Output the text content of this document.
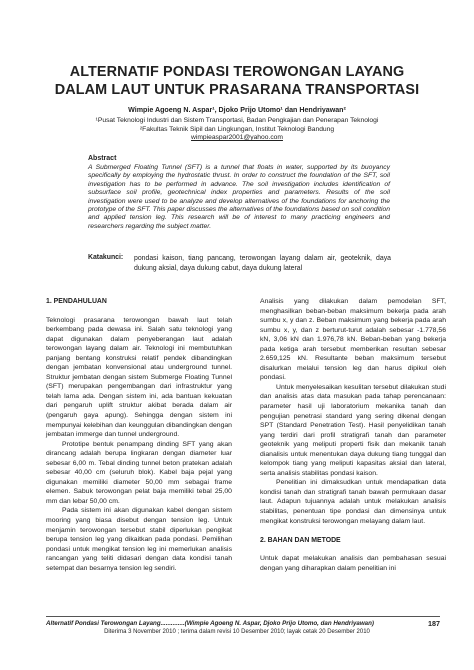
ALTERNATIF PONDASI TEROWONGAN LAYANG
DALAM LAUT UNTUK PRASARANA TRANSPORTASI
Wimpie Agoeng N. Aspar¹, Djoko Prijo Utomo¹ dan Hendriyawan²
¹Pusat Teknologi Industri dan Sistem Transportasi, Badan Pengkajian dan Penerapan Teknologi
²Fakultas Teknik Sipil dan Lingkungan, Institut Teknologi Bandung
wimpieaspar2001@yahoo.com
Abstract

A Submerged Floating Tunnel (SFT) is a tunnel that floats in water, supported by its buoyancy specifically by employing the hydrostatic thrust. In order to construct the foundation of the SFT, soil investigation has to be performed in advance. The soil investigation includes identification of subsurface soil profile, geotechnical index properties and parameters. Results of the soil investigation were used to be analyze and develop alternatives of the foundations for anchoring the prototype of the SFT. This paper discusses the alternatives of the foundations based on soil condition and applied tension leg. This research will be of interest to many practicing engineers and researchers regarding the subject matter.

Katakunci: pondasi kaison, tiang pancang, terowongan layang dalam air, geoteknik, daya dukung aksial, daya dukung cabut, daya dukung lateral

1. PENDAHULUAN

Teknologi prasarana terowongan bawah laut telah berkembang pada dewasa ini. Salah satu teknologi yang dapat digunakan dalam penyeberangan laut adalah terowongan layang dalam air. Teknologi ini membutuhkan panjang bentang konstruksi relatif pendek dibandingkan dengan jembatan konvensional atau underground tunnel. Struktur jembatan dengan sistem Submerge Floating Tunnel (SFT) merupakan pengembangan dari infrastruktur yang telah lama ada. Dengan sistem ini, ada bantuan kekuatan dari pengaruh uplift struktur akibat berada dalam air (pengaruh gaya apung). Sehingga dengan sistem ini mempunyai kelebihan dan keunggulan dibandingkan dengan jembatan immerge dan tunnel underground.

Prototipe bentuk penampang dinding SFT yang akan dirancang adalah berupa lingkaran dengan diameter luar sebesar 6,00 m. Tebal dinding tunnel beton pratekan adalah sebesar 40,00 cm (seluruh blok). Kabel baja pejal yang digunakan memiliki diameter 50,00 mm sebagai frame elemen. Sabuk terowongan pelat baja memiliki tebal 25,00 mm dan lebar 50,00 cm.

Pada sistem ini akan digunakan kabel dengan sistem mooring yang biasa disebut dengan tension leg. Untuk menjamin terowongan tersebut stabil diperlukan pengikat berupa tension leg yang dikaitkan pada pondasi. Pemilihan pondasi untuk mengikat tension leg ini memerlukan analisis rancangan yang teliti didasari dengan data kondisi tanah setempat dan besarnya tension leg sendiri.

Analisis yang dilakukan dalam pemodelan SFT, menghasilkan beban-beban maksimum bekerja pada arah sumbu x, y dan z. Beban maksimum yang bekerja pada arah sumbu x, y, dan z berturut-turut adalah sebesar -1.778,56 kN, 3,06 kN dan 1.976,78 kN. Beban-beban yang bekerja pada ketiga arah tersebut memberikan resultan sebesar 2.659,125 kN. Resultante beban maksimum tersebut disalurkan melalui tension leg dan harus dipikul oleh pondasi.

Untuk menyelesaikan kesulitan tersebut dilakukan studi dan analisis atas data masukan pada tahap perencanaan: parameter hasil uji laboratorium mekanika tanah dan pengujian penetrasi standard yang sering dikenal dengan SPT (Standard Penetration Test). Hasil penyelidikan tanah yang terdiri dari profil stratigrafi tanah dan parameter geoteknik yang meliputi properti fisik dan mekanik tanah dianalisis untuk menentukan daya dukung tiang tunggal dan kelompok tiang yang meliputi kapasitas aksial dan lateral, serta analisis stabilitas pondasi kaison.

Penelitian ini dimaksudkan untuk mendapatkan data kondisi tanah dan stratigrafi tanah bawah permukaan dasar laut. Adapun tujuannya adalah untuk melakukan analisis stabilitas, penentuan tipe pondasi dan dimensinya untuk mengikat konstruksi terowongan melayang dalam laut.

2. BAHAN DAN METODE

Untuk dapat melakukan analisis dan pembahasan sesuai dengan yang diharapkan dalam penelitian ini

Alternatif Pondasi Terowongan Layang..............(Wimpie Agoeng N. Aspar, Djoko Prijo Utomo, dan Hendriyawan)	187
Diterima 3 November 2010 ; terima dalam revisi 10 Desember 2010; layak cetak 20 Desember 2010
